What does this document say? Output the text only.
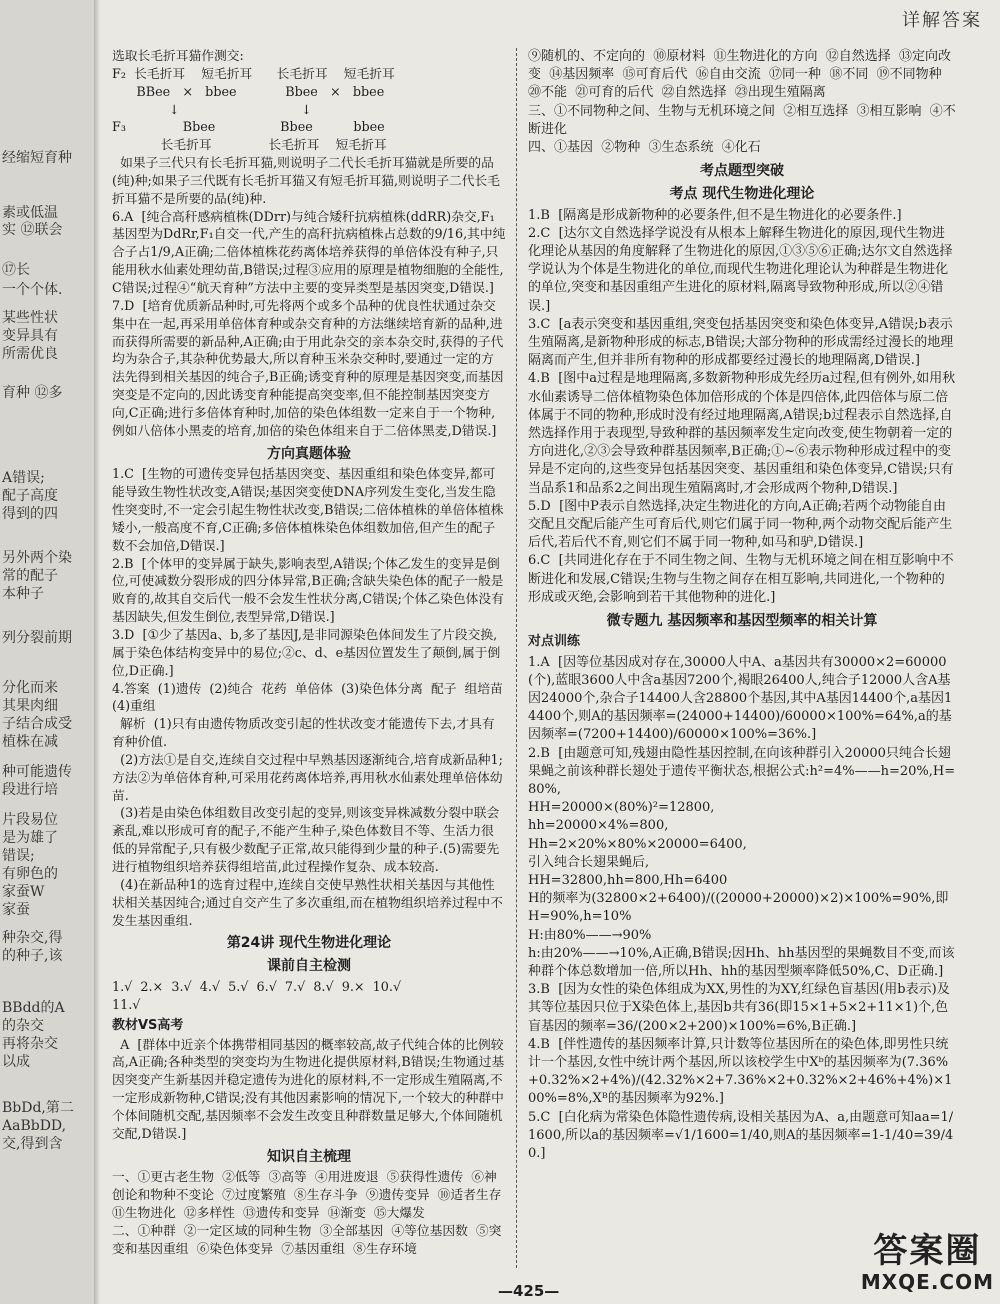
经缩短育种
素或低温
实 ⑫联会
⑰长
一个个体.
某些性状
变异具有
所需优良
育种 ⑫多
A错误;
配子高度
得到的四
另外两个染
常的配子
本种子
列分裂前期
分化而来
其果肉细
子结合成受
植株在减
种可能遗传
段进行培
片段易位
是为雄了
错误;
有卵色的
家蚕W
家蚕
种杂交,得
的种子,该
BBdd的A
的杂交
再将杂交
以成
BbDd,第二
AaBbDD,
交,得到含
详解答案

选取长毛折耳猫作测交:

F₂  长毛折耳    短毛折耳      长毛折耳    短毛折耳

BBee   ×   bbee            Bbee   ×   bbee

↓                              ↓

F₃              Bbee                Bbee          bbee

长毛折耳              长毛折耳    短毛折耳

如果子三代只有长毛折耳猫,则说明子二代长毛折耳猫就是所要的品(纯)种;如果子三代既有长毛折耳猫又有短毛折耳猫,则说明子二代长毛折耳猫不是所要的品(纯)种.

6.A  [纯合高秆感病植株(DDrr)与纯合矮秆抗病植株(ddRR)杂交,F₁基因型为DdRr,F₁自交一代,产生的高秆抗病植株占总数的9/16,其中纯合子占1/9,A正确;二倍体植株花药离体培养获得的单倍体没有种子,只能用秋水仙素处理幼苗,B错误;过程③应用的原理是植物细胞的全能性,C错误;过程④“航天育种”方法中主要的变异类型是基因突变,D错误.]

7.D  [培育优质新品种时,可先将两个或多个品种的优良性状通过杂交集中在一起,再采用单倍体育种或杂交育种的方法继续培育新的品种,进而获得所需要的新品种,A正确;由于用此杂交的亲本杂交时,获得的子代均为杂合子,其杂种优势最大,所以育种玉米杂交种时,要通过一定的方法先得到相关基因的纯合子,B正确;诱变育种的原理是基因突变,而基因突变是不定向的,因此诱变育种能提高突变率,但不能控制基因突变方向,C正确;进行多倍体育种时,加倍的染色体组数一定来自于一个物种,例如八倍体小黑麦的培育,加倍的染色体组来自于二倍体黑麦,D错误.]

方向真题体验

1.C  [生物的可遗传变异包括基因突变、基因重组和染色体变异,都可能导致生物性状改变,A错误;基因突变使DNA序列发生变化,当发生隐性突变时,不一定会引起生物性状改变,B错误;二倍体植株的单倍体植株矮小,一般高度不育,C正确;多倍体植株染色体组数加倍,但产生的配子数不会加倍,D错误.]

2.B  [个体甲的变异属于缺失,影响表型,A错误;个体乙发生的变异是倒位,可使减数分裂形成的四分体异常,B正确;含缺失染色体的配子一般是败育的,故其自交后代一般不会发生性状分离,C错误;个体乙染色体没有基因缺失,但发生倒位,表型异常,D错误.]

3.D  [①少了基因a、b,多了基因J,是非同源染色体间发生了片段交换,属于染色体结构变异中的易位;②c、d、e基因位置发生了颠倒,属于倒位,D正确.]

4.答案  (1)遗传  (2)纯合  花药  单倍体  (3)染色体分离  配子  组培苗  (4)重组

解析  (1)只有由遗传物质改变引起的性状改变才能遗传下去,才具有育种价值.

(2)方法①是自交,连续自交过程中早熟基因逐渐纯合,培育成新品种1;方法②为单倍体育种,可采用花药离体培养,再用秋水仙素处理单倍体幼苗.

(3)若是由染色体组数目改变引起的变异,则该变异株减数分裂中联会紊乱,难以形成可育的配子,不能产生种子,染色体数目不等、生活力很低的异常配子,只有极少数配子正常,故只能得到少量的种子.(5)需要先进行植物组织培养获得组培苗,此过程操作复杂、成本较高.

(4)在新品种1的选育过程中,连续自交使早熟性状相关基因与其他性状相关基因纯合;通过自交产生了多次重组,而在植物组织培养过程中不发生基因重组.

第24讲 现代生物进化理论
课前自主检测

1.√  2.×  3.√  4.√  5.√  6.√  7.√  8.√  9.×  10.√

11.√

教材VS高考

A  [群体中近亲个体携带相同基因的概率较高,故子代纯合体的比例较高,A正确;各种类型的突变均为生物进化提供原材料,B错误;生物通过基因突变产生新基因并稳定遗传为进化的原材料,不一定形成生殖隔离,不一定形成新物种,C错误;没有其他因素影响的情况下,一个较大的种群中个体间随机交配,基因频率不会发生改变且种群数量足够大,个体间随机交配,D错误.]

知识自主梳理

一、①更古老生物  ②低等  ③高等  ④用进废退  ⑤获得性遗传  ⑥神创论和物种不变论  ⑦过度繁殖  ⑧生存斗争  ⑨遗传变异  ⑩适者生存  ⑪生物进化  ⑫多样性  ⑬遗传和变异  ⑭渐变  ⑮大爆发

二、①种群  ②一定区域的同种生物  ③全部基因  ④等位基因数  ⑤突变和基因重组  ⑥染色体变异  ⑦基因重组  ⑧生存环境

⑨随机的、不定向的  ⑩原材料  ⑪生物进化的方向  ⑫自然选择  ⑬定向改变  ⑭基因频率  ⑮可育后代  ⑯自由交流  ⑰同一种  ⑱不同  ⑲不同物种  ⑳不能  ㉑可育的后代  ㉒自然选择  ㉓出现生殖隔离

三、①不同物种之间、生物与无机环境之间  ②相互选择  ③相互影响  ④不断进化

四、①基因  ②物种  ③生态系统  ④化石

考点题型突破
考点 现代生物进化理论

1.B  [隔离是形成新物种的必要条件,但不是生物进化的必要条件.]

2.C  [达尔文自然选择学说没有从根本上解释生物进化的原因,现代生物进化理论从基因的角度解释了生物进化的原因,①③⑤⑥正确;达尔文自然选择学说认为个体是生物进化的单位,而现代生物进化理论认为种群是生物进化的单位,突变和基因重组产生进化的原材料,隔离导致物种形成,所以②④错误.]

3.C  [a表示突变和基因重组,突变包括基因突变和染色体变异,A错误;b表示生殖隔离,是新物种形成的标志,B错误;大部分物种的形成需经过漫长的地理隔离而产生,但并非所有物种的形成都要经过漫长的地理隔离,D错误.]

4.B  [图中a过程是地理隔离,多数新物种形成先经历a过程,但有例外,如用秋水仙素诱导二倍体植物染色体加倍形成的个体是四倍体,此四倍体与原二倍体属于不同的物种,形成时没有经过地理隔离,A错误;b过程表示自然选择,自然选择作用于表现型,导致种群的基因频率发生定向改变,使生物朝着一定的方向进化,②③会导致种群基因频率,B正确;①~⑥表示物种形成过程中的变异是不定向的,这些变异包括基因突变、基因重组和染色体变异,C错误;只有当品系1和品系2之间出现生殖隔离时,才会形成两个物种,D错误.]

5.D  [图中P表示自然选择,决定生物进化的方向,A正确;若两个动物能自由交配且交配后能产生可育后代,则它们属于同一物种,两个动物交配后能产生后代,若后代不育,则它们不属于同一物种,如马和驴,D错误.]

6.C  [共同进化存在于不同生物之间、生物与无机环境之间在相互影响中不断进化和发展,C错误;生物与生物之间存在相互影响,共同进化,一个物种的形成或灭绝,会影响到若干其他物种的进化.]

微专题九 基因频率和基因型频率的相关计算
对点训练

1.A  [因等位基因成对存在,30000人中A、a基因共有30000×2=60000(个),蓝眼3600人中含a基因7200个,褐眼26400人,纯合子12000人含A基因24000个,杂合子14400人含28800个基因,其中A基因14400个,a基因14400个,则A的基因频率=(24000+14400)/60000×100%=64%,a的基因频率=(7200+14400)/60000×100%=36%.]

2.B  [由题意可知,残翅由隐性基因控制,在向该种群引入20000只纯合长翅果蝇之前该种群长翅处于遗传平衡状态,根据公式:h²=4%——h=20%,H=80%,

HH=20000×(80%)²=12800,

hh=20000×4%=800,

Hh=2×20%×80%×20000=6400,

引入纯合长翅果蝇后,

HH=32800,hh=800,Hh=6400

H的频率为(32800×2+6400)/((20000+20000)×2)×100%=90%,即

H=90%,h=10%

H:由80%——→90%

h:由20%——→10%,A正确,B错误;因Hh、hh基因型的果蝇数目不变,而该种群个体总数增加一倍,所以Hh、hh的基因型频率降低50%,C、D正确.]

3.B  [因为女性的染色体组成为XX,男性的为XY,红绿色盲基因(用b表示)及其等位基因只位于X染色体上,基因b共有36(即15×1+5×2+11×1)个,色盲基因的频率=36/(200×2+200)×100%=6%,B正确.]

4.B  [伴性遗传的基因频率计算,只计数等位基因所在的染色体,即男性只统计一个基因,女性中统计两个基因,所以该校学生中Xᵇ的基因频率为(7.36%+0.32%×2+4%)/(42.32%×2+7.36%×2+0.32%×2+46%+4%)×100%=8%,Xᴮ的基因频率为92%.]

5.C  [白化病为常染色体隐性遗传病,设相关基因为A、a,由题意可知aa=1/1600,所以a的基因频率=√1/1600=1/40,则A的基因频率=1-1/40=39/40.]

—425—
答案圈
MXQE.COM
